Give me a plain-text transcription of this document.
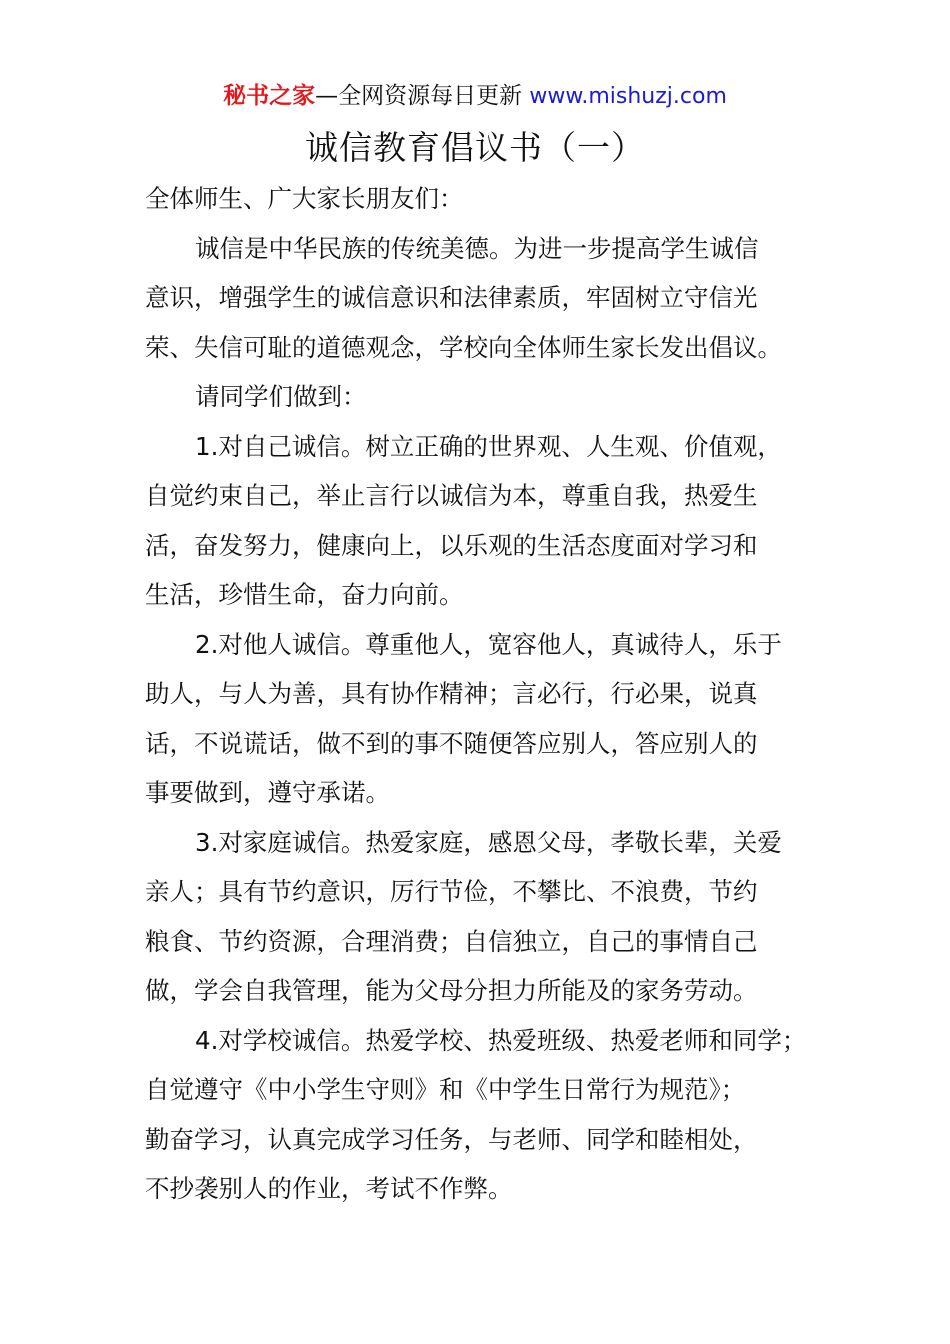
秘书之家—全网资源每日更新 www.mishuzj.com
诚信教育倡议书（一）
全体师生、广大家长朋友们：
诚信是中华民族的传统美德。为进一步提高学生诚信
意识，增强学生的诚信意识和法律素质，牢固树立守信光
荣、失信可耻的道德观念，学校向全体师生家长发出倡议。
请同学们做到：
1.对自己诚信。树立正确的世界观、人生观、价值观，
自觉约束自己，举止言行以诚信为本，尊重自我，热爱生
活，奋发努力，健康向上，以乐观的生活态度面对学习和
生活，珍惜生命，奋力向前。
2.对他人诚信。尊重他人，宽容他人，真诚待人，乐于
助人，与人为善，具有协作精神；言必行，行必果，说真
话，不说谎话，做不到的事不随便答应别人，答应别人的
事要做到，遵守承诺。
3.对家庭诚信。热爱家庭，感恩父母，孝敬长辈，关爱
亲人；具有节约意识，厉行节俭，不攀比、不浪费，节约
粮食、节约资源，合理消费；自信独立，自己的事情自己
做，学会自我管理，能为父母分担力所能及的家务劳动。
4.对学校诚信。热爱学校、热爱班级、热爱老师和同学；
自觉遵守《中小学生守则》和《中学生日常行为规范》；
勤奋学习，认真完成学习任务，与老师、同学和睦相处，
不抄袭别人的作业，考试不作弊。
